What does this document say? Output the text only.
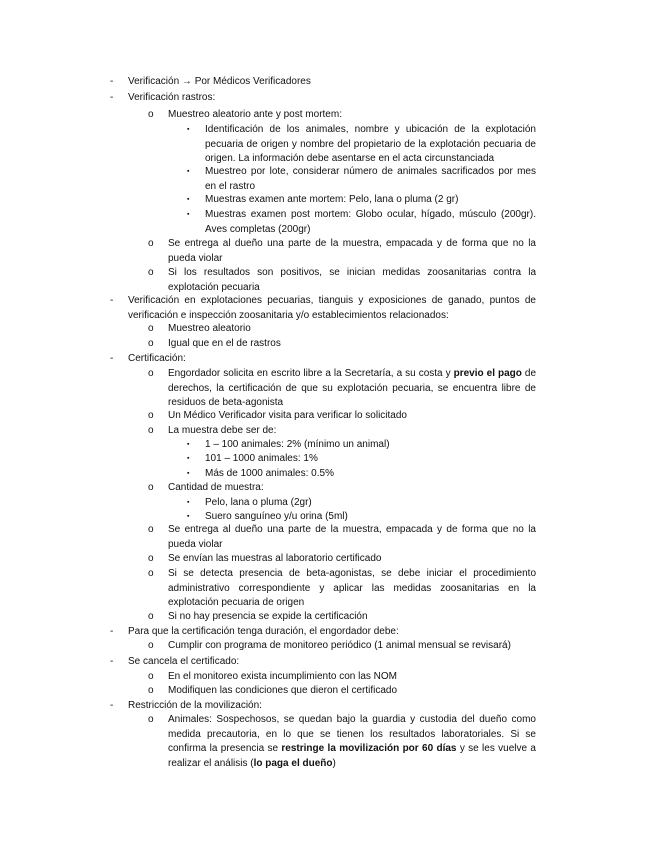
- Verificación → Por Médicos Verificadores
- Verificación rastros:
o Muestreo aleatorio ante y post mortem:
▪ Identificación de los animales, nombre y ubicación de la explotación pecuaria de origen y nombre del propietario de la explotación pecuaria de origen. La información debe asentarse en el acta circunstanciada
▪ Muestreo por lote, considerar número de animales sacrificados por mes en el rastro
▪ Muestras examen ante mortem: Pelo, lana o pluma (2 gr)
▪ Muestras examen post mortem: Globo ocular, hígado, músculo (200gr). Aves completas (200gr)
o Se entrega al dueño una parte de la muestra, empacada y de forma que no la pueda violar
o Si los resultados son positivos, se inician medidas zoosanitarias contra la explotación pecuaria
- Verificación en explotaciones pecuarias, tianguis y exposiciones de ganado, puntos de verificación e inspección zoosanitaria y/o establecimientos relacionados:
o Muestreo aleatorio
o Igual que en el de rastros
- Certificación:
o Engordador solicita en escrito libre a la Secretaría, a su costa y previo el pago de derechos, la certificación de que su explotación pecuaria, se encuentra libre de residuos de beta-agonista
o Un Médico Verificador visita para verificar lo solicitado
o La muestra debe ser de:
▪ 1 – 100 animales: 2% (mínimo un animal)
▪ 101 – 1000 animales: 1%
▪ Más de 1000 animales: 0.5%
o Cantidad de muestra:
▪ Pelo, lana o pluma (2gr)
▪ Suero sanguíneo y/u orina (5ml)
o Se entrega al dueño una parte de la muestra, empacada y de forma que no la pueda violar
o Se envían las muestras al laboratorio certificado
o Si se detecta presencia de beta-agonistas, se debe iniciar el procedimiento administrativo correspondiente y aplicar las medidas zoosanitarias en la explotación pecuaria de origen
o Si no hay presencia se expide la certificación
- Para que la certificación tenga duración, el engordador debe:
o Cumplir con programa de monitoreo periódico (1 animal mensual se revisará)
- Se cancela el certificado:
o En el monitoreo exista incumplimiento con las NOM
o Modifiquen las condiciones que dieron el certificado
- Restricción de la movilización:
o Animales: Sospechosos, se quedan bajo la guardia y custodia del dueño como medida precautoria, en lo que se tienen los resultados laboratoriales. Si se confirma la presencia se restringe la movilización por 60 días y se les vuelve a realizar el análisis (lo paga el dueño)
